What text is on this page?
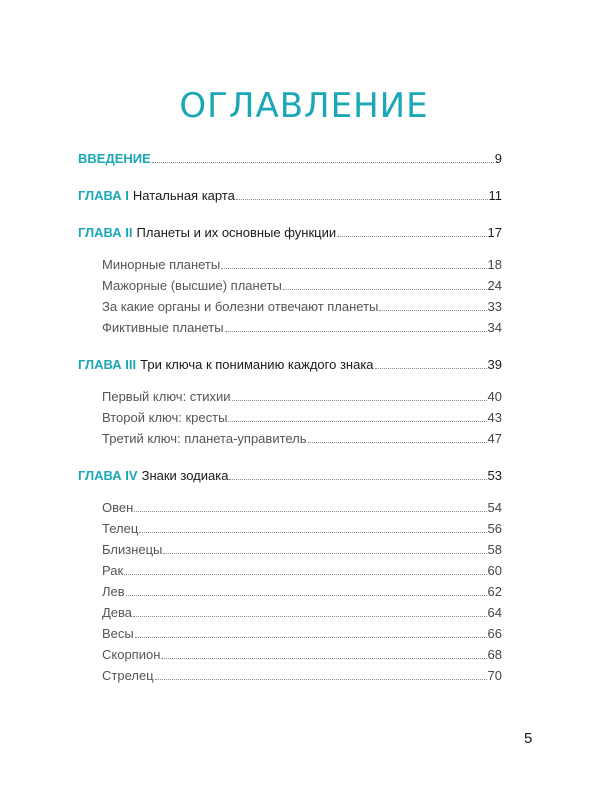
ОГЛАВЛЕНИЕ
ВВЕДЕНИЕ	9
ГЛАВА I Натальная карта	11
ГЛАВА II Планеты и их основные функции	17
Минорные планеты	18
Мажорные (высшие) планеты	24
За какие органы и болезни отвечают планеты	33
Фиктивные планеты	34
ГЛАВА III Три ключа к пониманию каждого знака	39
Первый ключ: стихии	40
Второй ключ: кресты	43
Третий ключ: планета-управитель	47
ГЛАВА IV Знаки зодиака	53
Овен	54
Телец	56
Близнецы	58
Рак	60
Лев	62
Дева	64
Весы	66
Скорпион	68
Стрелец	70
5
